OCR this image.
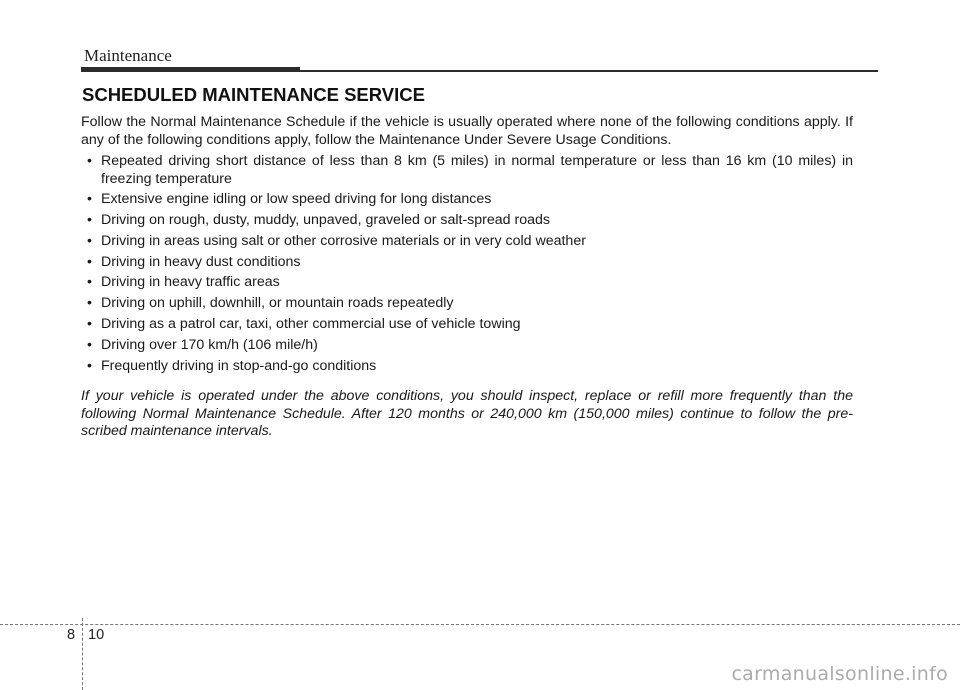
Maintenance
SCHEDULED MAINTENANCE SERVICE

Follow the Normal Maintenance Schedule if the vehicle is usually operated where none of the following conditions apply. If any of the following conditions apply, follow the Maintenance Under Severe Usage Conditions.

• Repeated driving short distance of less than 8 km (5 miles) in normal temperature or less than 16 km (10 miles) in freezing temperature
• Extensive engine idling or low speed driving for long distances
• Driving on rough, dusty, muddy, unpaved, graveled or salt-spread roads
• Driving in areas using salt or other corrosive materials or in very cold weather
• Driving in heavy dust conditions
• Driving in heavy traffic areas
• Driving on uphill, downhill, or mountain roads repeatedly
• Driving as a patrol car, taxi, other commercial use of vehicle towing
• Driving over 170 km/h (106 mile/h)
• Frequently driving in stop-and-go conditions

If your vehicle is operated under the above conditions, you should inspect, replace or refill more frequently than the following Normal Maintenance Schedule. After 120 months or 240,000 km (150,000 miles) continue to follow the pre-scribed maintenance intervals.

8 10
carmanualsonline.info
